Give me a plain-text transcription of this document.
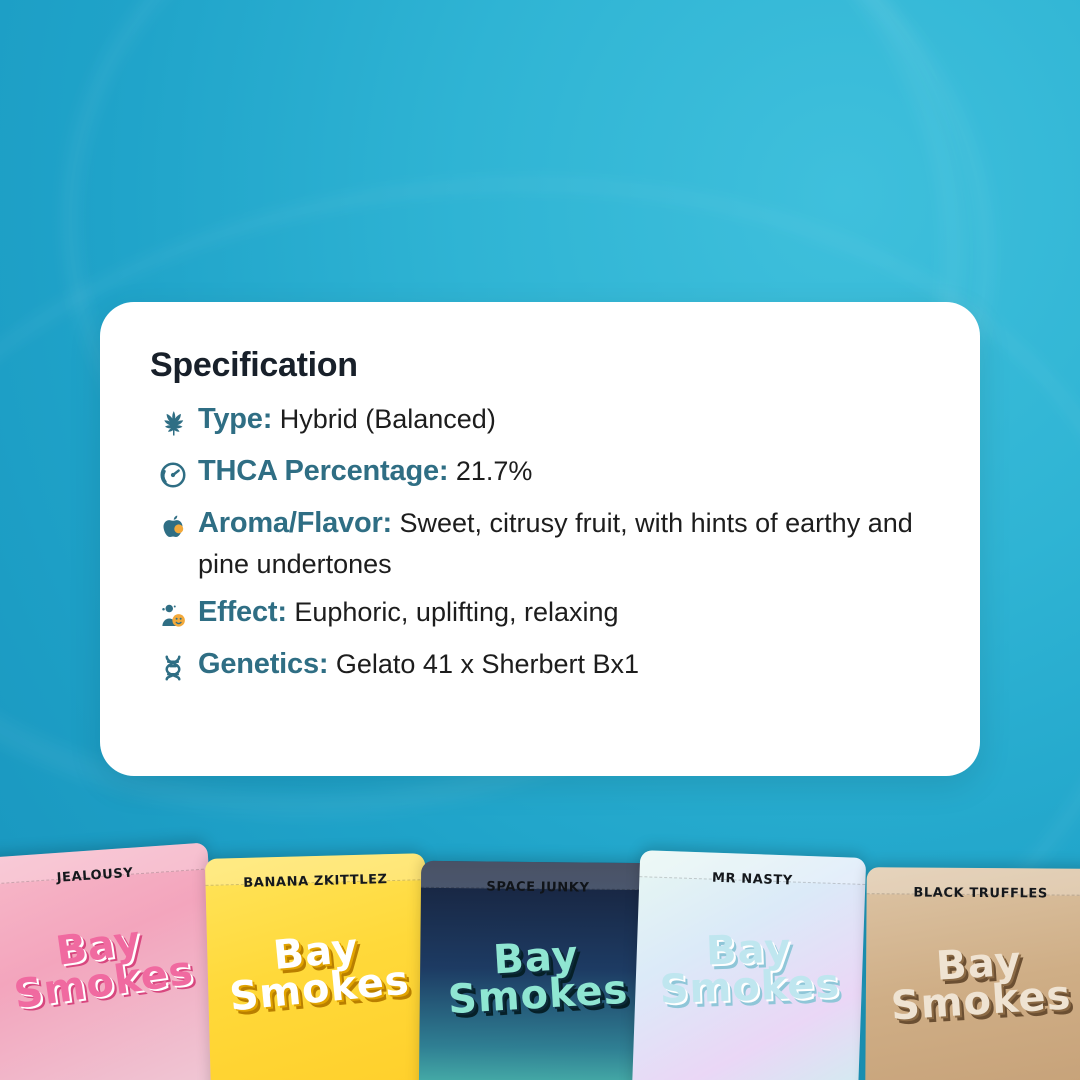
Specification
Type: Hybrid (Balanced)
THCA Percentage: 21.7%
Aroma/Flavor: Sweet, citrusy fruit, with hints of earthy and pine undertones
Effect: Euphoric, uplifting, relaxing
Genetics: Gelato 41 x Sherbert Bx1
JEALOUSY
Bay Smokes
BANANA ZKITTLEZ
Bay Smokes
SPACE JUNKY
Bay Smokes
MR NASTY
Bay Smokes
BLACK TRUFFLES
Bay Smokes
